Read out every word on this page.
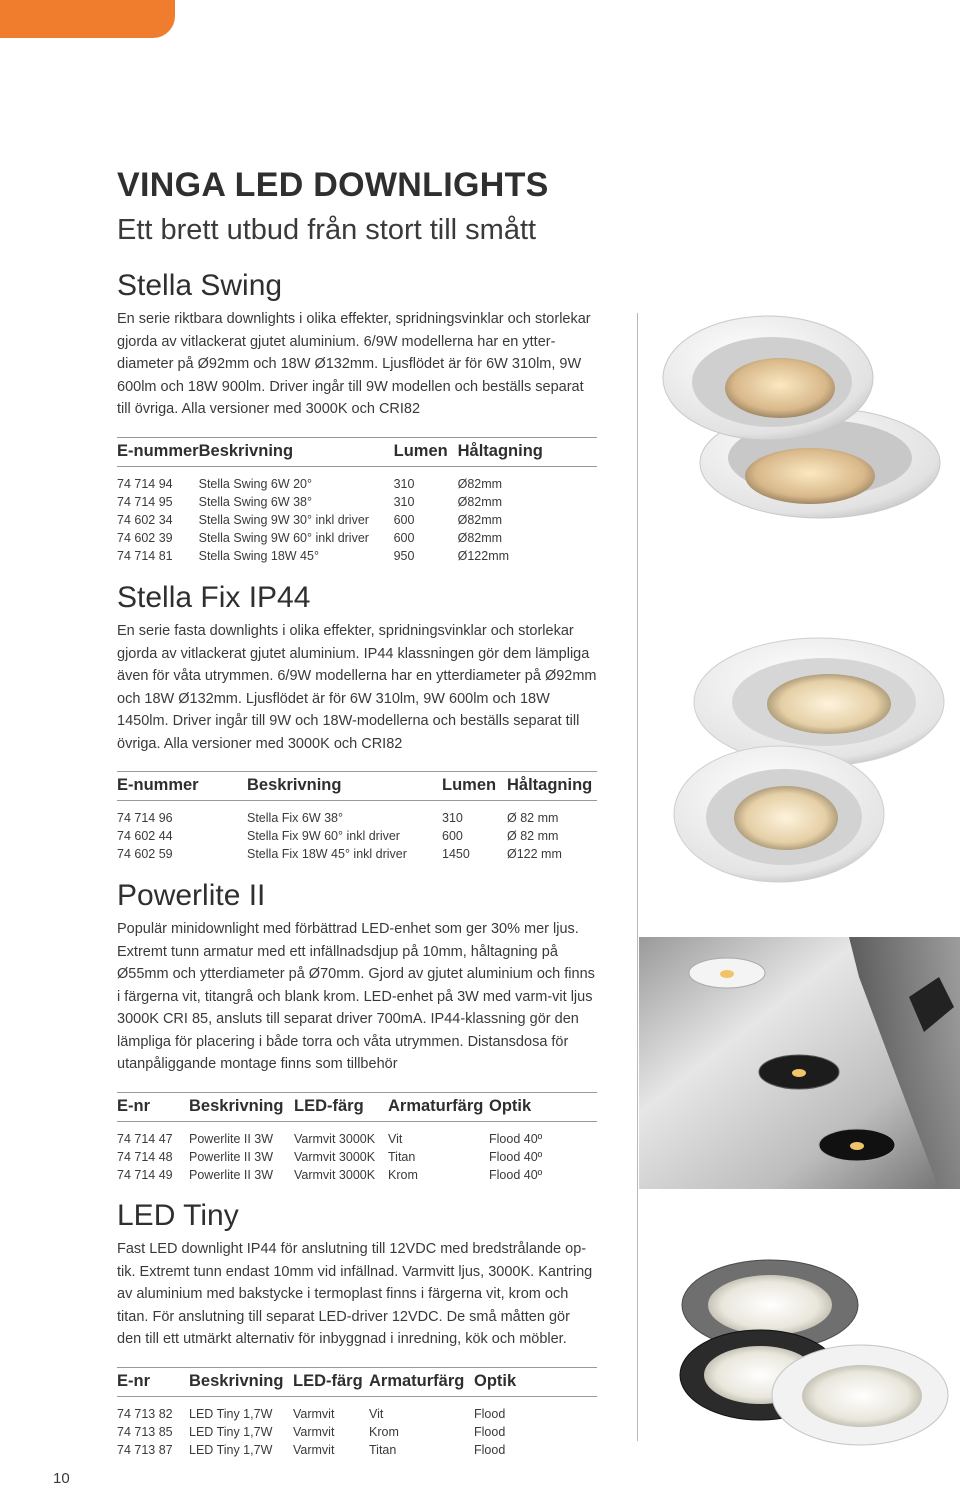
VINGA LED DOWNLIGHTS
Ett brett utbud från stort till smått
Stella Swing

En serie riktbara downlights i olika effekter, spridningsvinklar och storlekar gjorda av vitlackerat gjutet aluminium. 6/9W modellerna har en ytter-diameter på Ø92mm och 18W Ø132mm. Ljusflödet är för 6W 310lm, 9W 600lm och 18W 900lm. Driver ingår till 9W modellen och beställs separat till övriga. Alla versioner med 3000K och CRI82

E-nummer	Beskrivning	Lumen	Håltagning
74 714 94	Stella Swing 6W 20°	310	Ø82mm
74 714 95	Stella Swing 6W 38°	310	Ø82mm
74 602 34	Stella Swing 9W 30° inkl driver	600	Ø82mm
74 602 39	Stella Swing 9W 60° inkl driver	600	Ø82mm
74 714 81	Stella Swing 18W 45°	950	Ø122mm
Stella Fix IP44

En serie fasta downlights i olika effekter, spridningsvinklar och storlekar gjorda av vitlackerat gjutet aluminium. IP44 klassningen gör dem lämpliga även för våta utrymmen. 6/9W modellerna har en ytterdiameter på Ø92mm och 18W Ø132mm. Ljusflödet är för 6W 310lm, 9W 600lm och 18W 1450lm. Driver ingår till 9W och 18W-modellerna och beställs separat till övriga. Alla versioner med 3000K och CRI82

E-nummer	Beskrivning	Lumen	Håltagning
74 714 96	Stella Fix 6W 38°	310	Ø 82 mm
74 602 44	Stella Fix 9W 60° inkl driver	600	Ø 82 mm
74 602 59	Stella Fix 18W 45° inkl driver	1450	Ø122 mm
Powerlite II

Populär minidownlight med förbättrad LED-enhet som ger 30% mer ljus. Extremt tunn armatur med ett infällnadsdjup på 10mm, håltagning på Ø55mm och ytterdiameter på Ø70mm. Gjord av gjutet aluminium och finns i färgerna vit, titangrå och blank krom. LED-enhet på 3W med varm-vit ljus 3000K CRI 85, ansluts till separat driver 700mA. IP44-klassning gör den lämpliga för placering i både torra och våta utrymmen. Distansdosa för utanpåliggande montage finns som tillbehör

E-nr	Beskrivning	LED-färg	Armaturfärg	Optik
74 714 47	Powerlite II 3W	Varmvit 3000K	Vit	Flood 40º
74 714 48	Powerlite II 3W	Varmvit 3000K	Titan	Flood 40º
74 714 49	Powerlite II 3W	Varmvit 3000K	Krom	Flood 40º
LED Tiny

Fast LED downlight IP44 för anslutning till 12VDC med bredstrålande op-tik. Extremt tunn endast 10mm vid infällnad. Varmvitt ljus, 3000K. Kantring av aluminium med bakstycke i termoplast finns i färgerna vit, krom och titan. För anslutning till separat LED-driver 12VDC. De små måtten gör den till ett utmärkt alternativ för inbyggnad i inredning, kök och möbler.

E-nr	Beskrivning	LED-färg	Armaturfärg	Optik
74 713 82	LED Tiny 1,7W	Varmvit	Vit	Flood
74 713 85	LED Tiny 1,7W	Varmvit	Krom	Flood
74 713 87	LED Tiny 1,7W	Varmvit	Titan	Flood
10
